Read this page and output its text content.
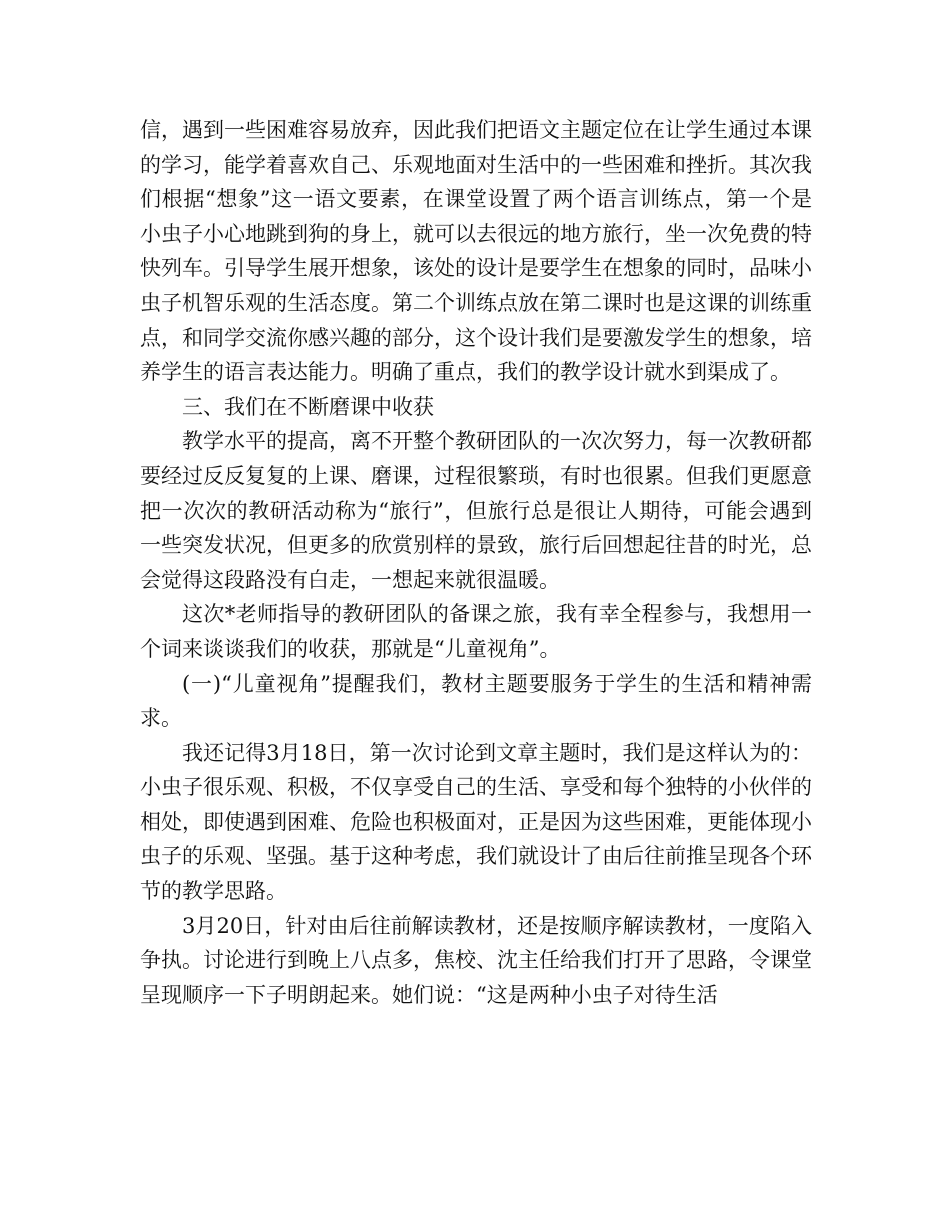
信，遇到一些困难容易放弃，因此我们把语文主题定位在让学生通过本课的学习，能学着喜欢自己、乐观地面对生活中的一些困难和挫折。其次我们根据“想象”这一语文要素，在课堂设置了两个语言训练点，第一个是小虫子小心地跳到狗的身上，就可以去很远的地方旅行，坐一次免费的特快列车。引导学生展开想象，该处的设计是要学生在想象的同时，品味小虫子机智乐观的生活态度。第二个训练点放在第二课时也是这课的训练重点，和同学交流你感兴趣的部分，这个设计我们是要激发学生的想象，培养学生的语言表达能力。明确了重点，我们的教学设计就水到渠成了。

三、我们在不断磨课中收获

教学水平的提高，离不开整个教研团队的一次次努力，每一次教研都要经过反反复复的上课、磨课，过程很繁琐，有时也很累。但我们更愿意把一次次的教研活动称为“旅行”，但旅行总是很让人期待，可能会遇到一些突发状况，但更多的欣赏别样的景致，旅行后回想起往昔的时光，总会觉得这段路没有白走，一想起来就很温暖。

这次*老师指导的教研团队的备课之旅，我有幸全程参与，我想用一个词来谈谈我们的收获，那就是“儿童视角”。

(一)“儿童视角”提醒我们，教材主题要服务于学生的生活和精神需求。

我还记得3月18日，第一次讨论到文章主题时，我们是这样认为的：小虫子很乐观、积极，不仅享受自己的生活、享受和每个独特的小伙伴的相处，即使遇到困难、危险也积极面对，正是因为这些困难，更能体现小虫子的乐观、坚强。基于这种考虑，我们就设计了由后往前推呈现各个环节的教学思路。

3月20日，针对由后往前解读教材，还是按顺序解读教材，一度陷入争执。讨论进行到晚上八点多，焦校、沈主任给我们打开了思路，令课堂呈现顺序一下子明朗起来。她们说：“这是两种小虫子对待生活
